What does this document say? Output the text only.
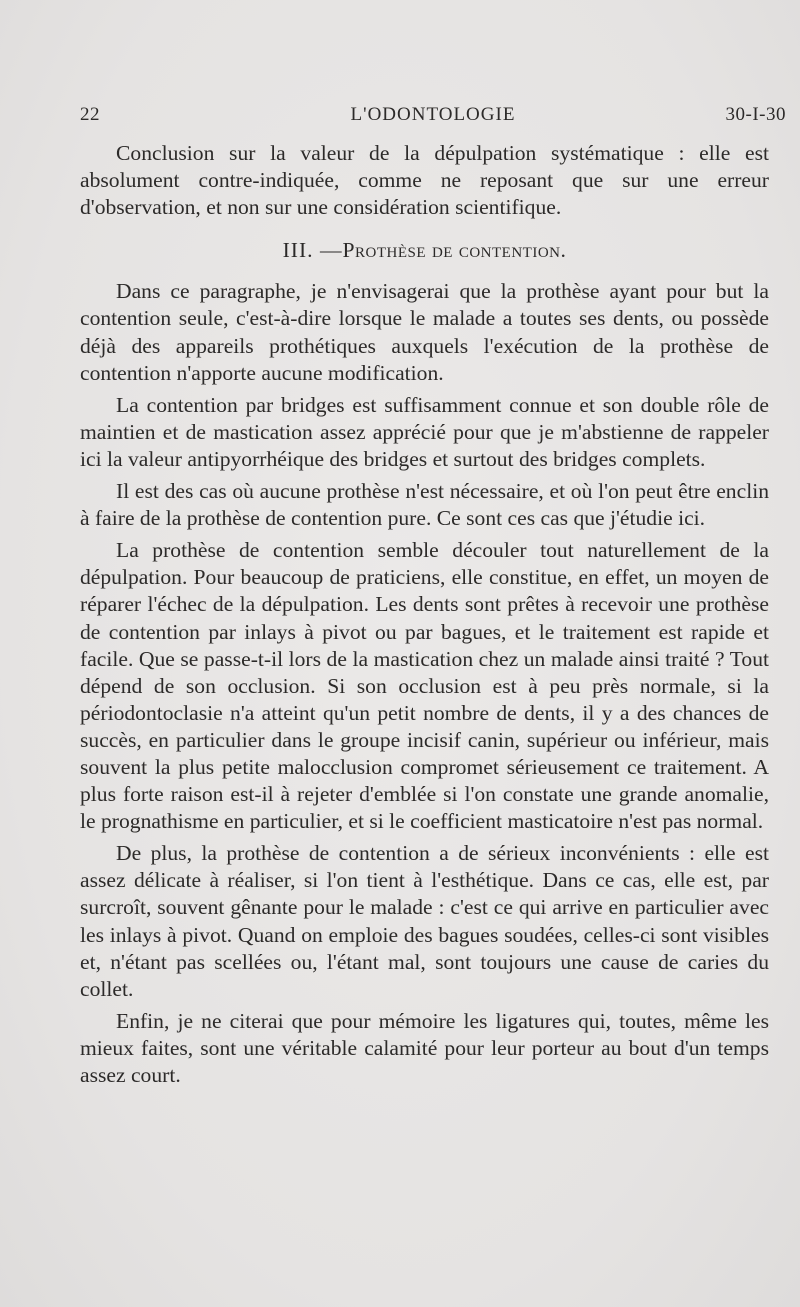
22	L'ODONTOLOGIE	30-I-30

Conclusion sur la valeur de la dépulpation systématique : elle est absolument contre-indiquée, comme ne reposant que sur une erreur d'observation, et non sur une considération scientifique.

III. —Prothèse de contention.

Dans ce paragraphe, je n'envisagerai que la prothèse ayant pour but la contention seule, c'est-à-dire lorsque le malade a toutes ses dents, ou possède déjà des appareils prothétiques auxquels l'exécution de la prothèse de contention n'apporte aucune modification.

La contention par bridges est suffisamment connue et son double rôle de maintien et de mastication assez apprécié pour que je m'abstienne de rappeler ici la valeur antipyorrhéique des bridges et surtout des bridges complets.

Il est des cas où aucune prothèse n'est nécessaire, et où l'on peut être enclin à faire de la prothèse de contention pure. Ce sont ces cas que j'étudie ici.

La prothèse de contention semble découler tout naturellement de la dépulpation. Pour beaucoup de praticiens, elle constitue, en effet, un moyen de réparer l'échec de la dépulpation. Les dents sont prêtes à recevoir une prothèse de contention par inlays à pivot ou par bagues, et le traitement est rapide et facile. Que se passe-t-il lors de la mastication chez un malade ainsi traité ? Tout dépend de son occlusion. Si son occlusion est à peu près normale, si la périodontoclasie n'a atteint qu'un petit nombre de dents, il y a des chances de succès, en particulier dans le groupe incisif canin, supérieur ou inférieur, mais souvent la plus petite malocclusion compromet sérieusement ce traitement. A plus forte raison est-il à rejeter d'emblée si l'on constate une grande anomalie, le prognathisme en particulier, et si le coefficient masticatoire n'est pas normal.

De plus, la prothèse de contention a de sérieux inconvénients : elle est assez délicate à réaliser, si l'on tient à l'esthétique. Dans ce cas, elle est, par surcroît, souvent gênante pour le malade : c'est ce qui arrive en particulier avec les inlays à pivot. Quand on emploie des bagues soudées, celles-ci sont visibles et, n'étant pas scellées ou, l'étant mal, sont toujours une cause de caries du collet.

Enfin, je ne citerai que pour mémoire les ligatures qui, toutes, même les mieux faites, sont une véritable calamité pour leur porteur au bout d'un temps assez court.
